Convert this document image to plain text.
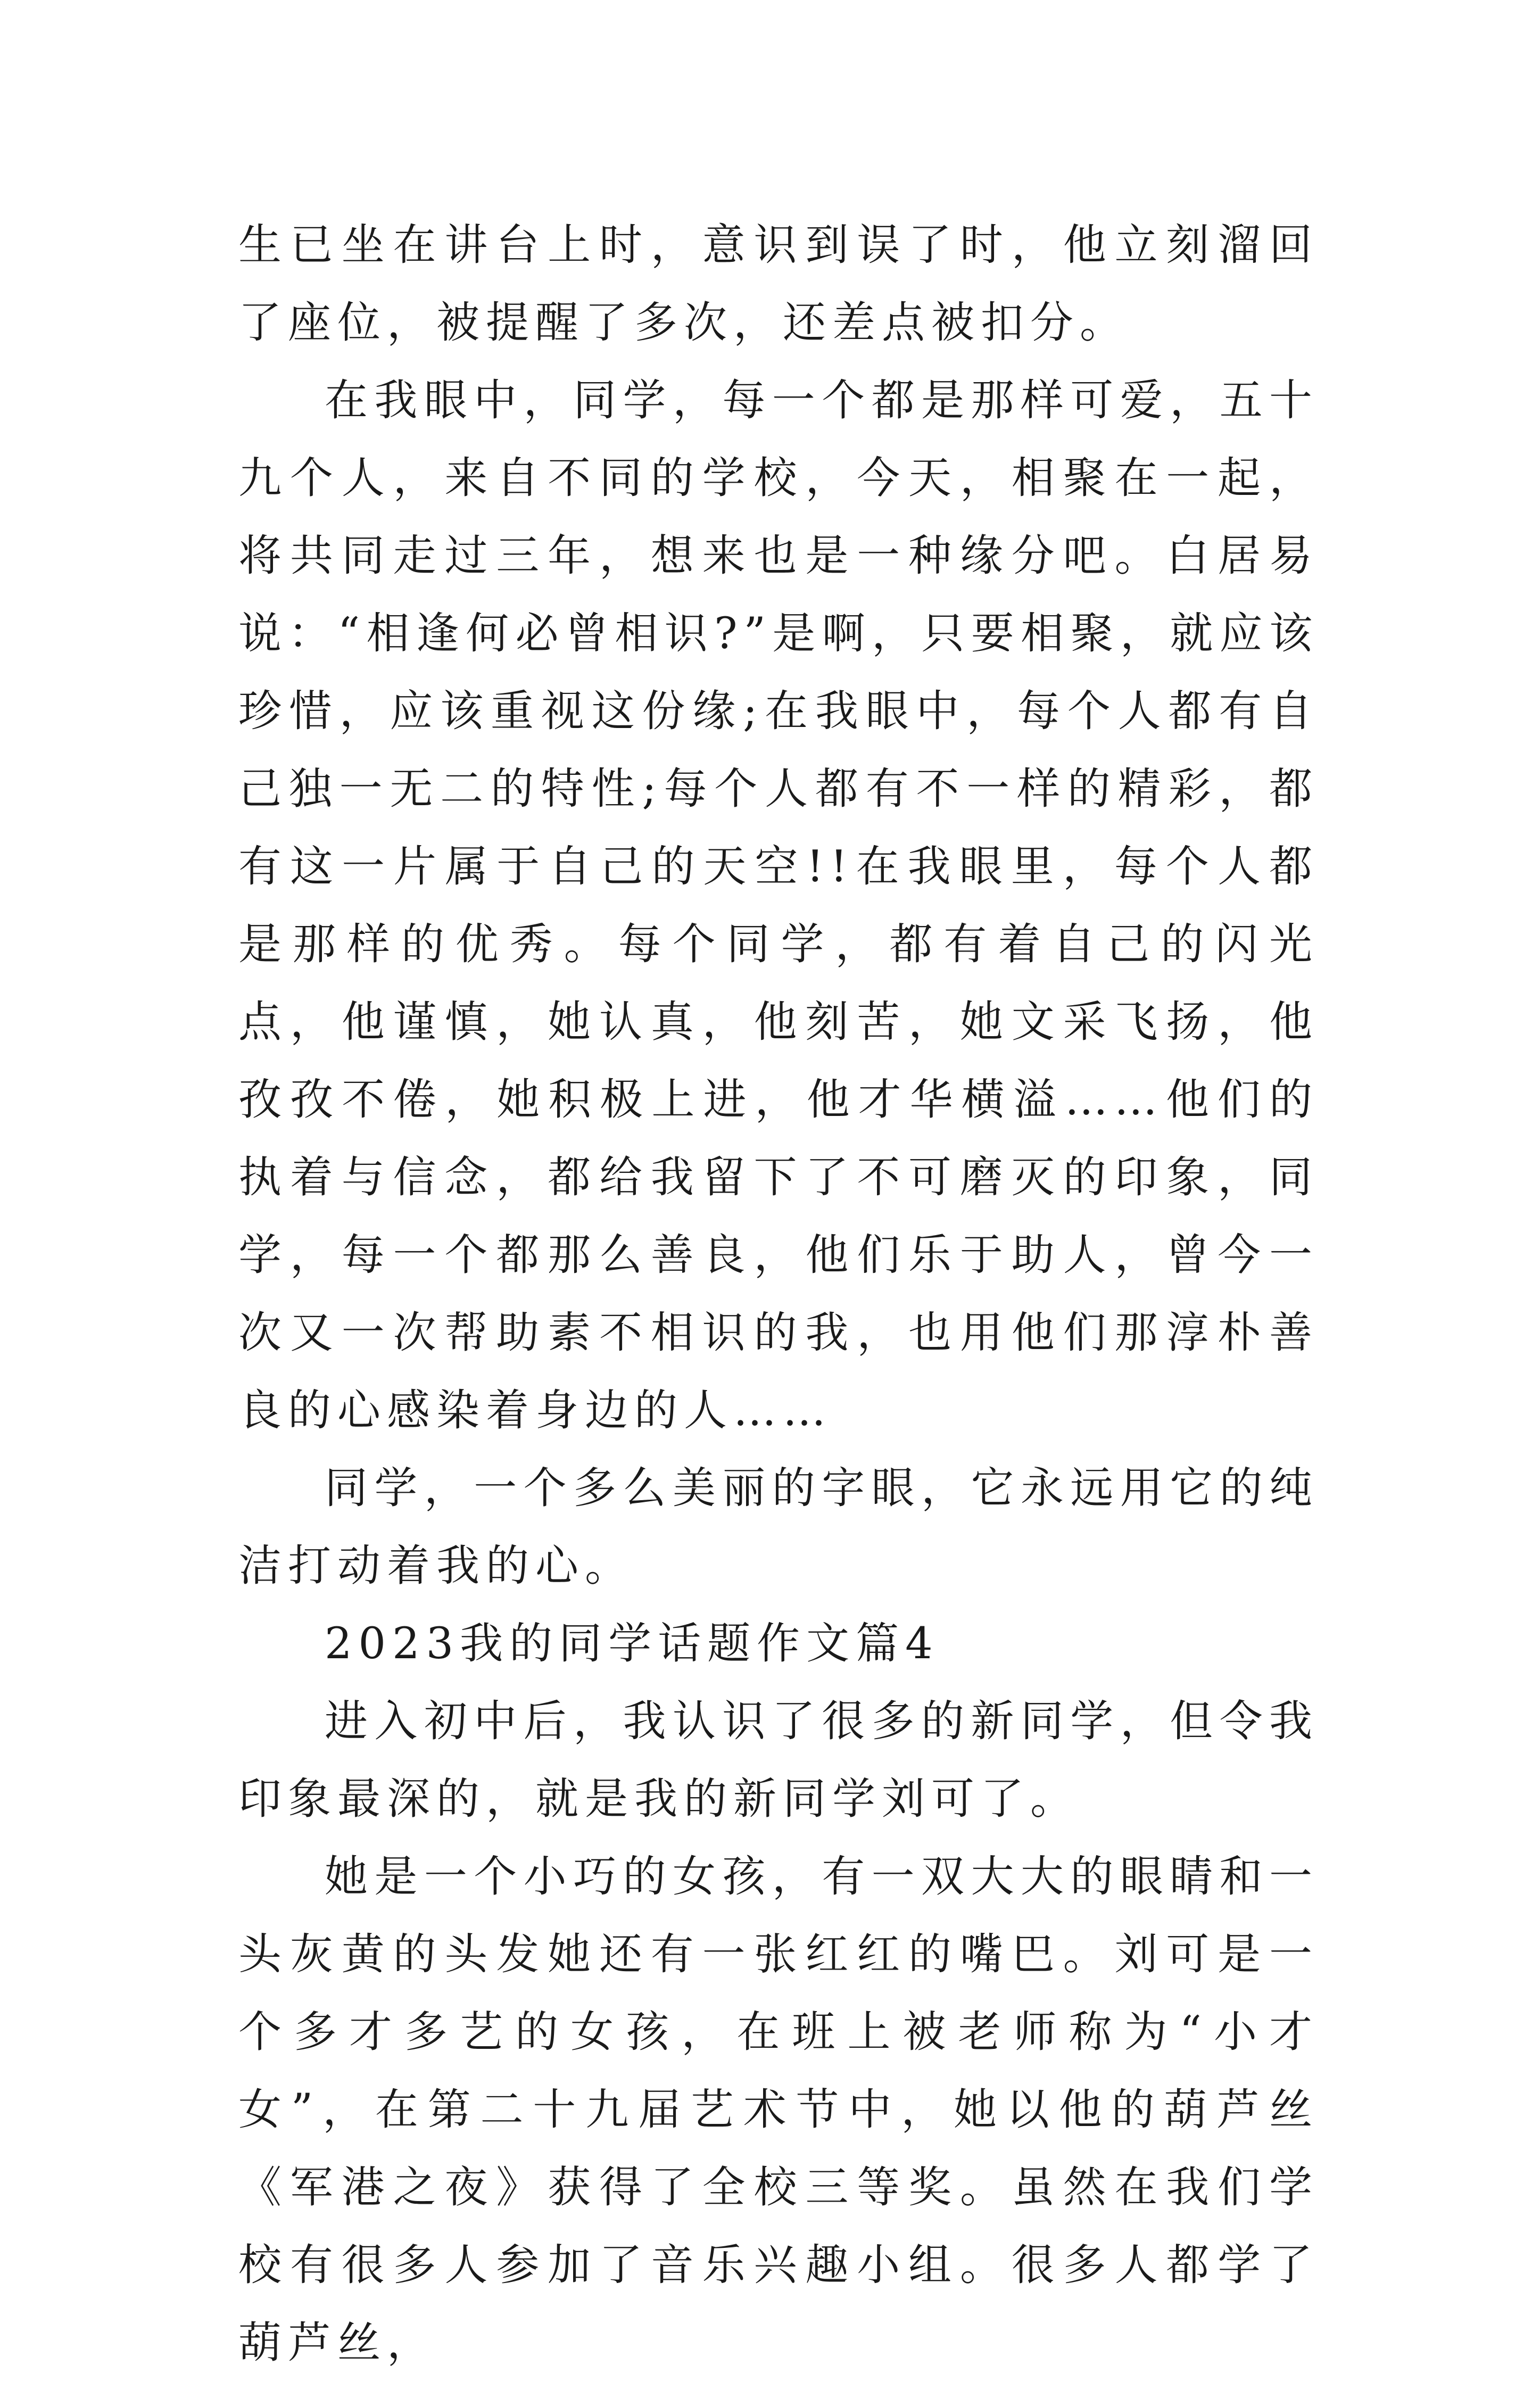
生已坐在讲台上时，意识到误了时，他立刻溜回了座位，被提醒了多次，还差点被扣分。

在我眼中，同学，每一个都是那样可爱，五十九个人，来自不同的学校，今天，相聚在一起，将共同走过三年，想来也是一种缘分吧。白居易说：“相逢何必曾相识?”是啊，只要相聚，就应该珍惜，应该重视这份缘;在我眼中，每个人都有自己独一无二的特性;每个人都有不一样的精彩，都有这一片属于自己的天空!!在我眼里，每个人都是那样的优秀。每个同学，都有着自己的闪光点，他谨慎，她认真，他刻苦，她文采飞扬，他孜孜不倦，她积极上进，他才华横溢……他们的执着与信念，都给我留下了不可磨灭的印象，同学，每一个都那么善良，他们乐于助人，曾今一次又一次帮助素不相识的我，也用他们那淳朴善良的心感染着身边的人……

同学，一个多么美丽的字眼，它永远用它的纯洁打动着我的心。

2023我的同学话题作文篇4

进入初中后，我认识了很多的新同学，但令我印象最深的，就是我的新同学刘可了。

她是一个小巧的女孩，有一双大大的眼睛和一头灰黄的头发她还有一张红红的嘴巴。刘可是一个多才多艺的女孩，在班上被老师称为“小才女”，在第二十九届艺术节中，她以他的葫芦丝《军港之夜》获得了全校三等奖。虽然在我们学校有很多人参加了音乐兴趣小组。很多人都学了葫芦丝，
